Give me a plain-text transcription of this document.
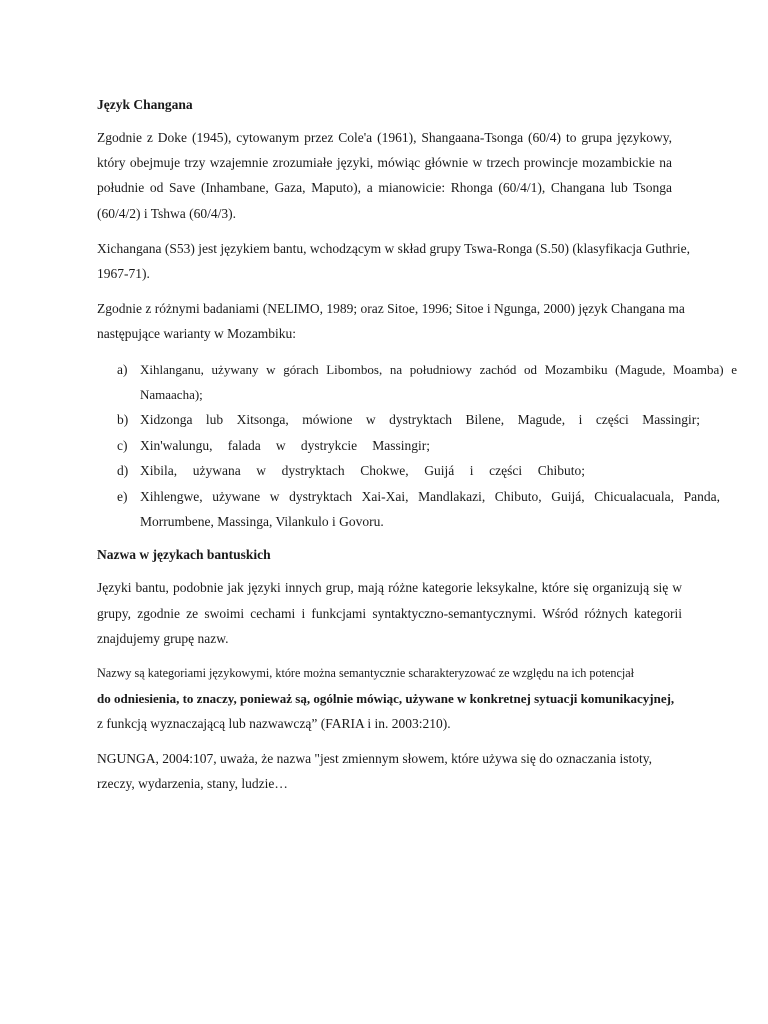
Język Changana

Zgodnie z Doke (1945), cytowanym przez Cole'a (1961), Shangaana-Tsonga (60/4) to grupa językowy, który obejmuje trzy wzajemnie zrozumiałe języki, mówiąc głównie w trzech prowincje mozambickie na południe od Save (Inhambane, Gaza, Maputo), a mianowicie: Rhonga (60/4/1), Changana lub Tsonga (60/4/2) i Tshwa (60/4/3).

Xichangana (S53) jest językiem bantu, wchodzącym w skład grupy Tswa-Ronga (S.50) (klasyfikacja Guthrie, 1967-71).

Zgodnie z różnymi badaniami (NELIMO, 1989; oraz Sitoe, 1996; Sitoe i Ngunga, 2000) język Changana ma następujące warianty w Mozambiku:

a) Xihlanganu, używany w górach Libombos, na południowy zachód od Mozambiku (Magude, Moamba) e Namaacha);
b) Xidzonga lub Xitsonga, mówione w dystryktach Bilene, Magude, i części Massingir;
c) Xin'walungu, falada w dystrykcie Massingir;
d) Xibila, używana w dystryktach Chokwe, Guijá i części Chibuto;
e) Xihlengwe, używane w dystryktach Xai-Xai, Mandlakazi, Chibuto, Guijá, Chicualacuala, Panda, Morrumbene, Massinga, Vilankulo i Govoru.
Nazwa w językach bantuskich

Języki bantu, podobnie jak języki innych grup, mają różne kategorie leksykalne, które się organizują się w grupy, zgodnie ze swoimi cechami i funkcjami syntaktyczno-semantycznymi. Wśród różnych kategorii znajdujemy grupę nazw.

Nazwy są kategoriami językowymi, które można semantycznie scharakteryzować ze względu na ich potencjał

do odniesienia, to znaczy, ponieważ są, ogólnie mówiąc, używane w konkretnej sytuacji komunikacyjnej,

z funkcją wyznaczającą lub nazwawczą” (FARIA i in. 2003:210).

NGUNGA, 2004:107, uważa, że nazwa "jest zmiennym słowem, które używa się do oznaczania istoty, rzeczy, wydarzenia, stany, ludzie…
